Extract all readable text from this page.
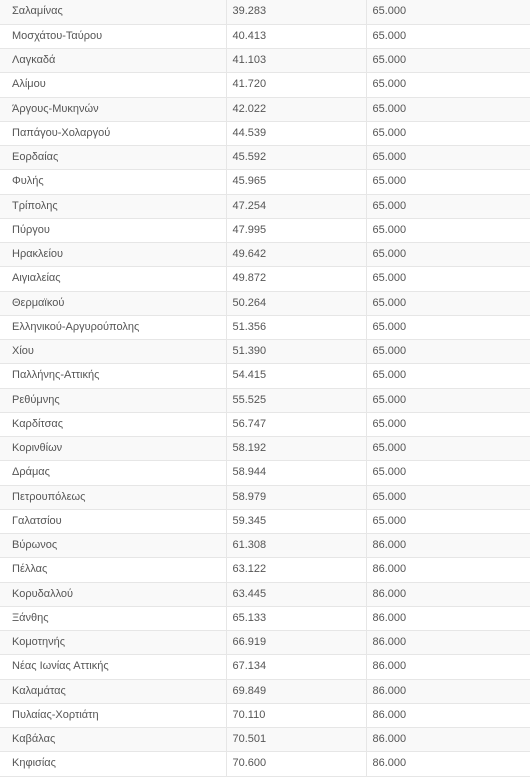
Σαλαμίνας	39.283	65.000
Μοσχάτου-Ταύρου	40.413	65.000
Λαγκαδά	41.103	65.000
Αλίμου	41.720	65.000
Άργους-Μυκηνών	42.022	65.000
Παπάγου-Χολαργού	44.539	65.000
Εορδαίας	45.592	65.000
Φυλής	45.965	65.000
Τρίπολης	47.254	65.000
Πύργου	47.995	65.000
Ηρακλείου	49.642	65.000
Αιγιαλείας	49.872	65.000
Θερμαϊκού	50.264	65.000
Ελληνικού-Αργυρούπολης	51.356	65.000
Χίου	51.390	65.000
Παλλήνης-Αττικής	54.415	65.000
Ρεθύμνης	55.525	65.000
Καρδίτσας	56.747	65.000
Κορινθίων	58.192	65.000
Δράμας	58.944	65.000
Πετρουπόλεως	58.979	65.000
Γαλατσίου	59.345	65.000
Βύρωνος	61.308	86.000
Πέλλας	63.122	86.000
Κορυδαλλού	63.445	86.000
Ξάνθης	65.133	86.000
Κομοτηνής	66.919	86.000
Νέας Ιωνίας Αττικής	67.134	86.000
Καλαμάτας	69.849	86.000
Πυλαίας-Χορτιάτη	70.110	86.000
Καβάλας	70.501	86.000
Κηφισίας	70.600	86.000
